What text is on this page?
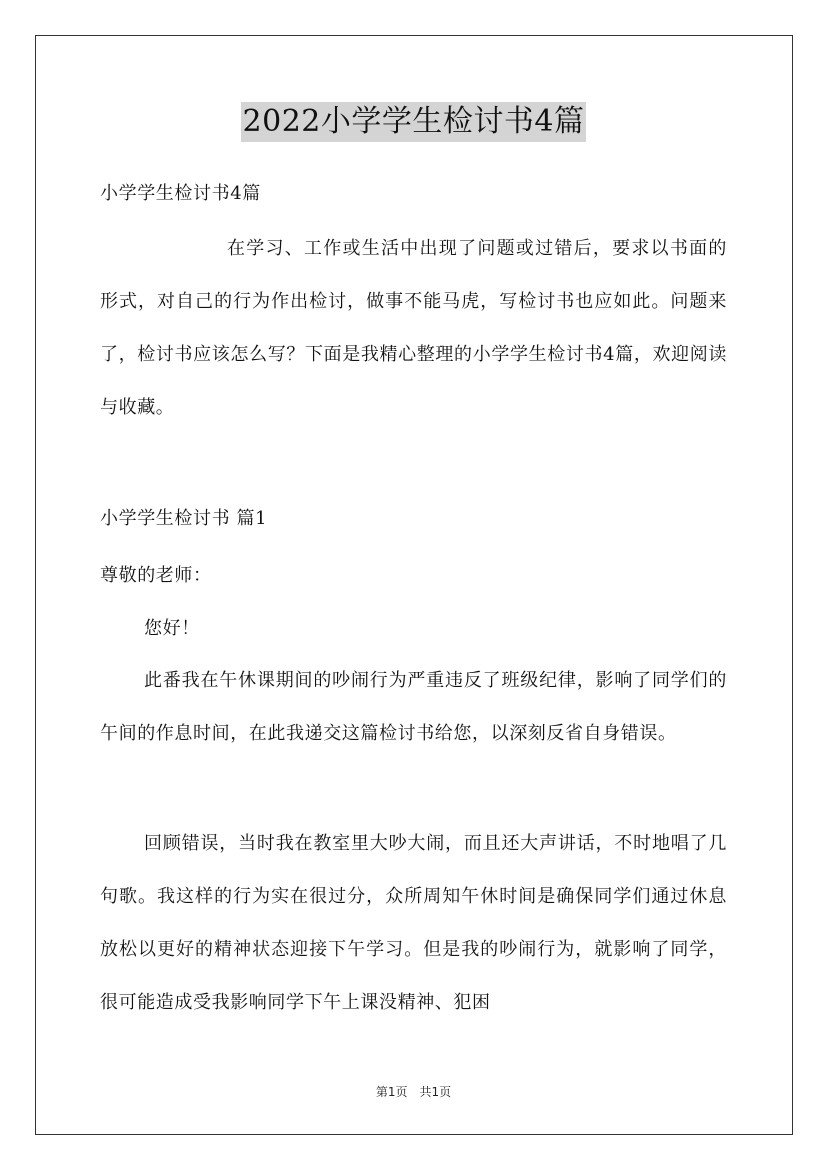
2022小学学生检讨书4篇

小学学生检讨书4篇

在学习、工作或生活中出现了问题或过错后，要求以书面的形式，对自己的行为作出检讨，做事不能马虎，写检讨书也应如此。问题来了，检讨书应该怎么写？下面是我精心整理的小学学生检讨书4篇，欢迎阅读与收藏。

小学学生检讨书 篇1

尊敬的老师：

您好！

此番我在午休课期间的吵闹行为严重违反了班级纪律，影响了同学们的午间的作息时间，在此我递交这篇检讨书给您，以深刻反省自身错误。

回顾错误，当时我在教室里大吵大闹，而且还大声讲话，不时地唱了几句歌。我这样的行为实在很过分，众所周知午休时间是确保同学们通过休息放松以更好的精神状态迎接下午学习。但是我的吵闹行为，就影响了同学，很可能造成受我影响同学下午上课没精神、犯困

第1页 共1页
